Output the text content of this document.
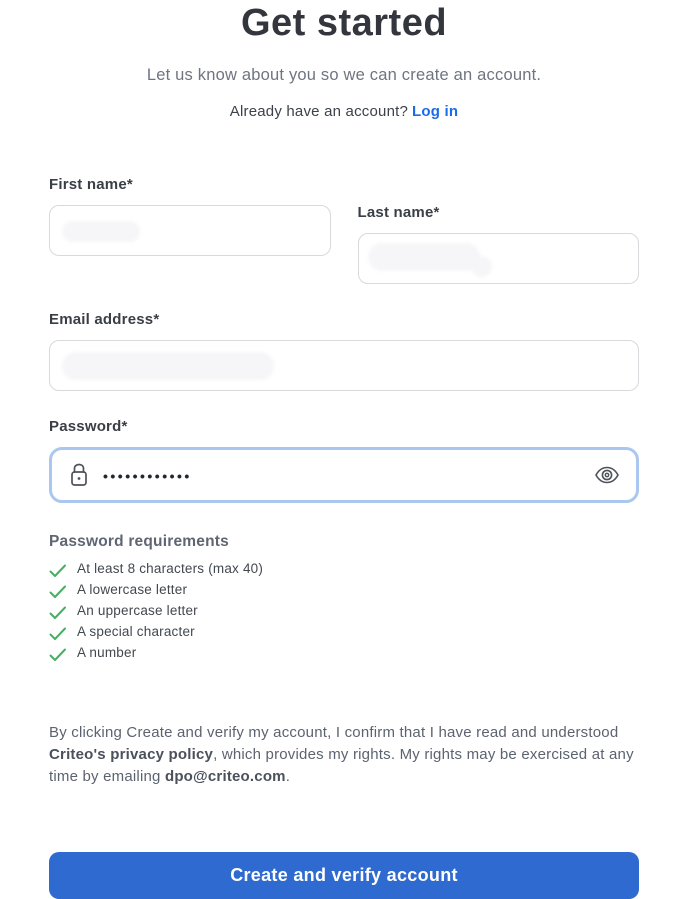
Get started

Let us know about you so we can create an account.

Already have an account? Log in

First name*
Last name*
Email address*
Password*
••••••••••••
Password requirements
At least 8 characters (max 40)
A lowercase letter
An uppercase letter
A special character
A number

By clicking Create and verify my account, I confirm that I have read and understood Criteo's privacy policy, which provides my rights. My rights may be exercised at any time by emailing dpo@criteo.com.

Create and verify account
